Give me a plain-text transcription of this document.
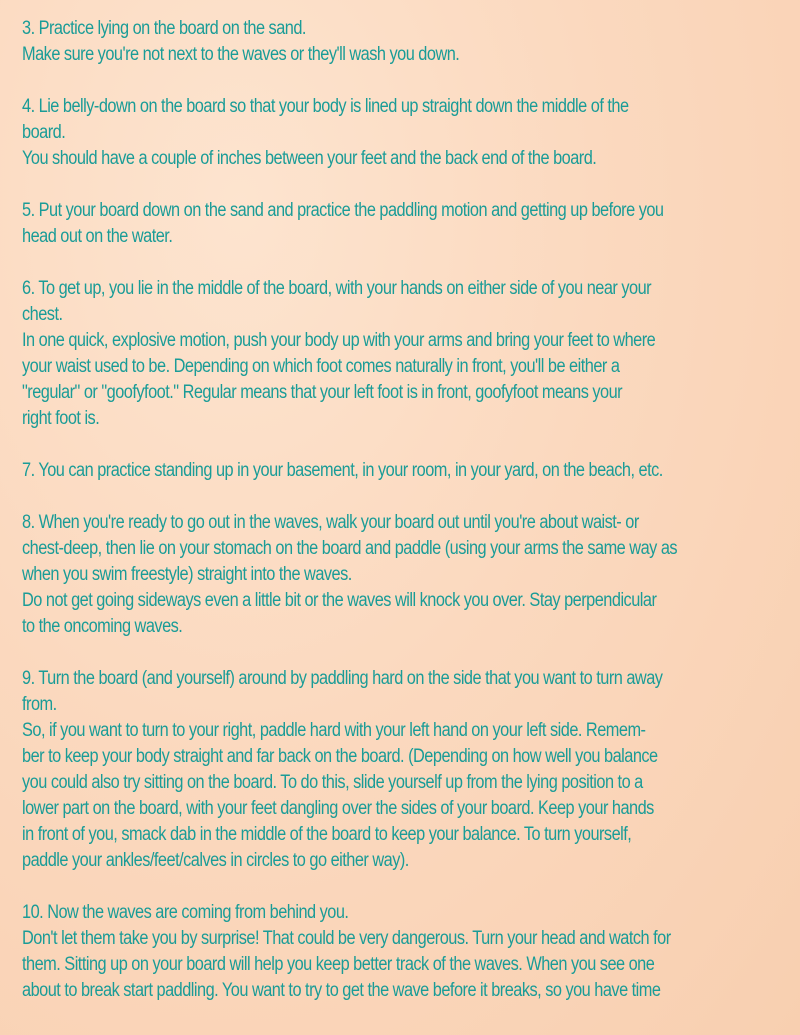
3. Practice lying on the board on the sand.
Make sure you're not next to the waves or they'll wash you down.
4. Lie belly-down on the board so that your body is lined up straight down the middle of the
board.
You should have a couple of inches between your feet and the back end of the board.
5. Put your board down on the sand and practice the paddling motion and getting up before you
head out on the water.
6. To get up, you lie in the middle of the board, with your hands on either side of you near your
chest.
In one quick, explosive motion, push your body up with your arms and bring your feet to where
your waist used to be. Depending on which foot comes naturally in front, you'll be either a
"regular" or "goofyfoot." Regular means that your left foot is in front, goofyfoot means your
right foot is.
7. You can practice standing up in your basement, in your room, in your yard, on the beach, etc.
8. When you're ready to go out in the waves, walk your board out until you're about waist- or
chest-deep, then lie on your stomach on the board and paddle (using your arms the same way as
when you swim freestyle) straight into the waves.
Do not get going sideways even a little bit or the waves will knock you over. Stay perpendicular
to the oncoming waves.
9. Turn the board (and yourself) around by paddling hard on the side that you want to turn away
from.
So, if you want to turn to your right, paddle hard with your left hand on your left side. Remem-
ber to keep your body straight and far back on the board. (Depending on how well you balance
you could also try sitting on the board. To do this, slide yourself up from the lying position to a
lower part on the board, with your feet dangling over the sides of your board. Keep your hands
in front of you, smack dab in the middle of the board to keep your balance. To turn yourself,
paddle your ankles/feet/calves in circles to go either way).
10. Now the waves are coming from behind you.
Don't let them take you by surprise! That could be very dangerous. Turn your head and watch for
them. Sitting up on your board will help you keep better track of the waves. When you see one
about to break start paddling. You want to try to get the wave before it breaks, so you have time
